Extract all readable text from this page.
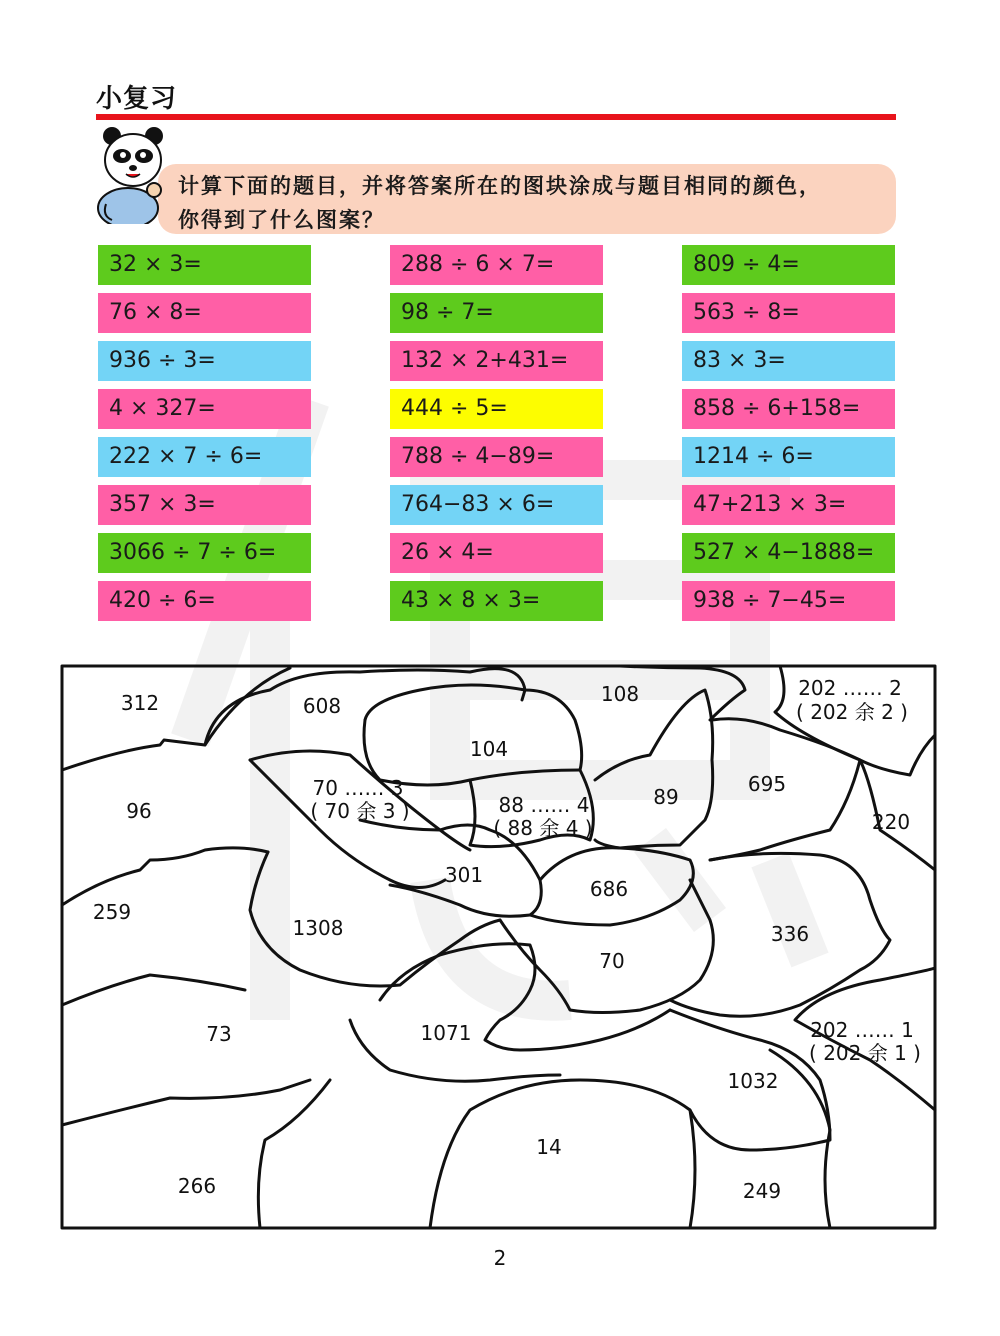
小复习
计算下面的题目，并将答案所在的图块涂成与题目相同的颜色，
你得到了什么图案？
32 × 3=
76 × 8=
936 ÷ 3=
4 × 327=
222 × 7 ÷ 6=
357 × 3=
3066 ÷ 7 ÷ 6=
420 ÷ 6=
288 ÷ 6 × 7=
98 ÷ 7=
132 × 2+431=
444 ÷ 5=
788 ÷ 4−89=
764−83 × 6=
26 × 4=
43 × 8 × 3=
809 ÷ 4=
563 ÷ 8=
83 × 3=
858 ÷ 6+158=
1214 ÷ 6=
47+213 × 3=
527 × 4−1888=
938 ÷ 7−45=
312	608	108	202 …… 2
( 202 余 2 )
104
96
70 …… 3
( 70 余 3 )	88 …… 4
( 88 余 4 )
89
695
220
301
686
259
1308	336
70
73	1071	202 …… 1
( 202 余 1 )
1032
14
266	249
2
